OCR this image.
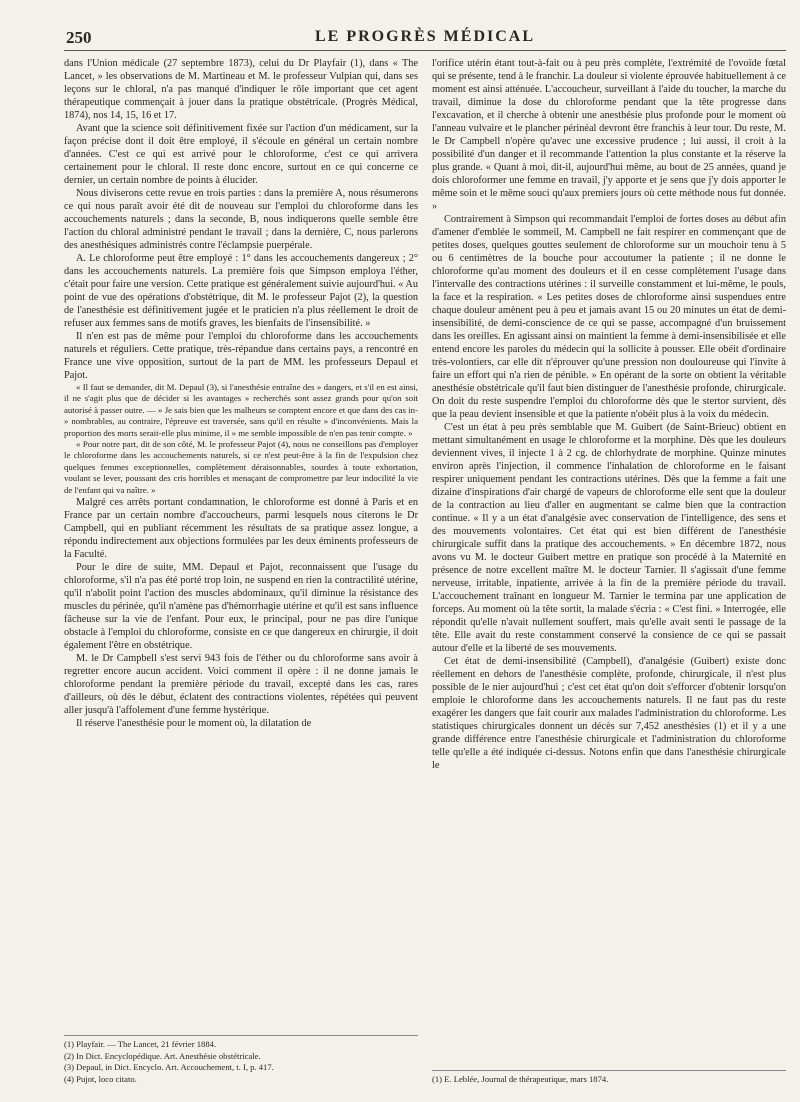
250	LE PROGRÈS MÉDICAL

dans l'Union médicale (27 septembre 1873), celui du Dr Playfair (1), dans « The Lancet, » les observations de M. Martineau et M. le professeur Vulpian qui, dans ses leçons sur le chloral, n'a pas manqué d'indiquer le rôle important que cet agent thérapeutique commençait à jouer dans la pratique obstétricale. (Progrès Médical, 1874), nos 14, 15, 16 et 17.

Avant que la science soit définitivement fixée sur l'action d'un médicament, sur la façon précise dont il doit être employé, il s'écoule en général un certain nombre d'années. C'est ce qui est arrivé pour le chloroforme, c'est ce qui arrivera certainement pour le chloral. Il reste donc encore, surtout en ce qui concerne ce dernier, un certain nombre de points à élucider.

Nous diviserons cette revue en trois parties : dans la première A, nous résumerons ce qui nous paraît avoir été dit de nouveau sur l'emploi du chloroforme dans les accouchements naturels ; dans la seconde, B, nous indiquerons quelle semble être l'action du chloral administré pendant le travail ; dans la dernière, C, nous parlerons des anesthésiques administrés contre l'éclampsie puerpérale.

A. Le chloroforme peut être employé : 1° dans les accouchements dangereux ; 2° dans les accouchements naturels. La première fois que Simpson employa l'éther, c'était pour faire une version. Cette pratique est généralement suivie aujourd'hui. « Au point de vue des opérations d'obstétrique, dit M. le professeur Pajot (2), la question de l'anesthésie est définitivement jugée et le praticien n'a plus réellement le droit de refuser aux femmes sans de motifs graves, les bienfaits de l'insensibilité. »

Il n'en est pas de même pour l'emploi du chloroforme dans les accouchements naturels et réguliers. Cette pratique, très-répandue dans certains pays, a rencontré en France une vive opposition, surtout de la part de MM. les professeurs Depaul et Pajot.

« Il faut se demander, dit M. Depaul (3), si l'anesthésie entraîne des » dangers, et s'il en est ainsi, il ne s'agit plus que de décider si les avantages » recherchés sont assez grands pour qu'on soit autorisé à passer outre. — » Je sais bien que les malheurs se comptent encore et que dans des cas in- » nombrables, au contraire, l'épreuve est traversée, sans qu'il en résulte » d'inconvénients. Mais la proportion des morts serait-elle plus minime, il » me semble impossible de n'en pas tenir compte. »

« Pour notre part, dit de son côté, M. le professeur Pajot (4), nous ne conseillons pas d'employer le chloroforme dans les accouchements naturels, si ce n'est peut-être à la fin de l'expulsion chez quelques femmes exceptionnelles, complètement déraisonnables, sourdes à toute exhortation, voulant se lever, poussant des cris horribles et menaçant de compromettre par leur indocilité la vie de l'enfant qui va naître. »

Malgré ces arrêts portant condamnation, le chloroforme est donné à Paris et en France par un certain nombre d'accoucheurs, parmi lesquels nous citerons le Dr Campbell, qui en publiant récemment les résultats de sa pratique assez longue, a répondu indirectement aux objections formulées par les deux éminents professeurs de la Faculté.

Pour le dire de suite, MM. Depaul et Pajot, reconnaissent que l'usage du chloroforme, s'il n'a pas été porté trop loin, ne suspend en rien la contractilité utérine, qu'il n'abolit point l'action des muscles abdominaux, qu'il diminue la résistance des muscles du périnée, qu'il n'amène pas d'hémorrhagie utérine et qu'il est sans influence fâcheuse sur la vie de l'enfant. Pour eux, le principal, pour ne pas dire l'unique obstacle à l'emploi du chloroforme, consiste en ce que dangereux en chirurgie, il doit également l'être en obstétrique.

M. le Dr Campbell s'est servi 943 fois de l'éther ou du chloroforme sans avoir à regretter encore aucun accident. Voici comment il opère : il ne donne jamais le chloroforme pendant la première période du travail, excepté dans les cas, rares d'ailleurs, où dès le début, éclatent des contractions violentes, répétées qui peuvent aller jusqu'à l'affolement d'une femme hystérique.

Il réserve l'anesthésie pour le moment où, la dilatation de

(1) Playfair. — The Lancet, 21 février 1884.
(2) In Dict. Encyclopédique. Art. Anesthésie obstétricale.
(3) Depaul, in Dict. Encyclo. Art. Accouchement, t. I, p. 417.
(4) Pujot, loco citato.

l'orifice utérin étant tout-à-fait ou à peu près complète, l'extrémité de l'ovoïde fœtal qui se présente, tend à le franchir. La douleur si violente éprouvée habituellement à ce moment est ainsi atténuée. L'accoucheur, surveillant à l'aide du toucher, la marche du travail, diminue la dose du chloroforme pendant que la tête progresse dans l'excavation, et il cherche à obtenir une anesthésie plus profonde pour le moment où l'anneau vulvaire et le plancher périnéal devront être franchis à leur tour. Du reste, M. le Dr Campbell n'opère qu'avec une excessive prudence ; lui aussi, il croit à la possibilité d'un danger et il recommande l'attention la plus constante et la réserve la plus grande. « Quant à moi, dit-il, aujourd'hui même, au bout de 25 années, quand je dois chloroformer une femme en travail, j'y apporte et je sens que j'y dois apporter le même soin et le même souci qu'aux premiers jours où cette méthode nous fut donnée. »

Contrairement à Simpson qui recommandait l'emploi de fortes doses au début afin d'amener d'emblée le sommeil, M. Campbell ne fait respirer en commençant que de petites doses, quelques gouttes seulement de chloroforme sur un mouchoir tenu à 5 ou 6 centimètres de la bouche pour accoutumer la patiente ; il ne donne le chloroforme qu'au moment des douleurs et il en cesse complètement l'usage dans l'intervalle des contractions utérines : il surveille constamment et lui-même, le pouls, la face et la respiration. « Les petites doses de chloroforme ainsi suspendues entre chaque douleur amènent peu à peu et jamais avant 15 ou 20 minutes un état de demi-insensibilité, de demi-conscience de ce qui se passe, accompagné d'un bruissement dans les oreilles. En agissant ainsi on maintient la femme à demi-insensibilisée et elle entend encore les paroles du médecin qui la sollicite à pousser. Elle obéit d'ordinaire très-volontiers, car elle dit n'éprouver qu'une pression non douloureuse qui l'invite à faire un effort qui n'a rien de pénible. » En opérant de la sorte on obtient la véritable anesthésie obstétricale qu'il faut bien distinguer de l'anesthésie profonde, chirurgicale. On doit du reste suspendre l'emploi du chloroforme dès que le stertor survient, dès que la peau devient insensible et que la patiente n'obéit plus à la voix du médecin.

C'est un état à peu près semblable que M. Guibert (de Saint-Brieuc) obtient en mettant simultanément en usage le chloroforme et la morphine. Dès que les douleurs deviennent vives, il injecte 1 à 2 cg. de chlorhydrate de morphine. Quinze minutes environ après l'injection, il commence l'inhalation de chloroforme en le faisant respirer uniquement pendant les contractions utérines. Dès que la femme a fait une dizaine d'inspirations d'air chargé de vapeurs de chloroforme elle sent que la douleur de la contraction au lieu d'aller en augmentant se calme bien que la contraction continue. « Il y a un état d'analgésie avec conservation de l'intelligence, des sens et des mouvements volontaires. Cet état qui est bien différent de l'anesthésie chirurgicale suffit dans la pratique des accouchements. » En décembre 1872, nous avons vu M. le docteur Guibert mettre en pratique son procédé à la Maternité en présence de notre excellent maître M. le docteur Tarnier. Il s'agissait d'une femme nerveuse, irritable, inpatiente, arrivée à la fin de la première période du travail. L'accouchement traînant en longueur M. Tarnier le termina par une application de forceps. Au moment où la tête sortit, la malade s'écria : « C'est fini. » Interrogée, elle répondit qu'elle n'avait nullement souffert, mais qu'elle avait senti le passage de la tête. Elle avait du reste constamment conservé la consience de ce qui se passait autour d'elle et la liberté de ses mouvements.

Cet état de demi-insensibilité (Campbell), d'analgésie (Guibert) existe donc réellement en dehors de l'anesthésie complète, profonde, chirurgicale, il n'est plus possible de le nier aujourd'hui ; c'est cet état qu'on doit s'efforcer d'obtenir lorsqu'on emploie le chloroforme dans les accouchements naturels. Il ne faut pas du reste exagérer les dangers que fait courir aux malades l'administration du chloroforme. Les statistiques chirurgicales donnent un décès sur 7,452 anesthésies (1) et il y a une grande différence entre l'anesthésie chirurgicale et l'administration du chloroforme telle qu'elle a été indiquée ci-dessus. Notons enfin que dans l'anesthésie chirurgicale le

(1) E. Leblée, Journal de thérapeutique, mars 1874.
